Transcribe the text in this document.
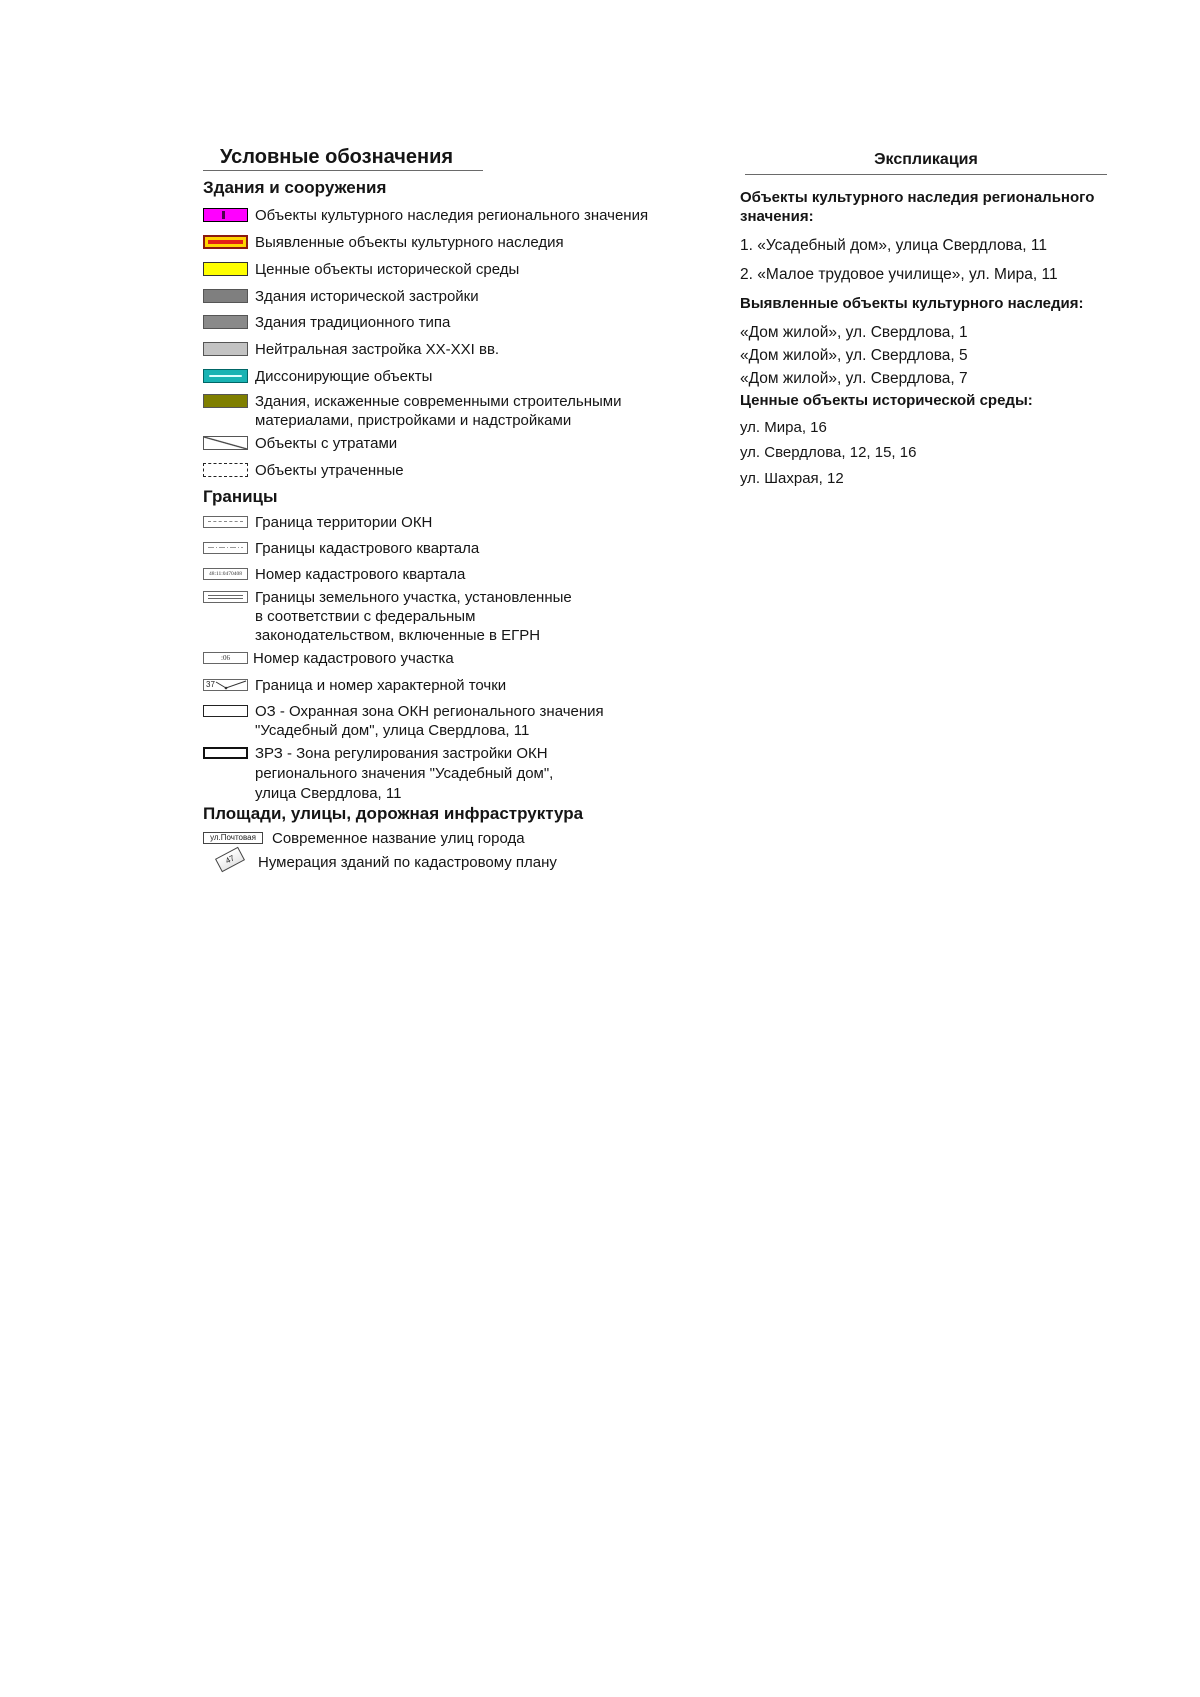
Условные обозначения
Здания и сооружения
Объекты культурного наследия регионального значения
Выявленные объекты культурного наследия
Ценные объекты исторической среды
Здания исторической застройки
Здания традиционного типа
Нейтральная застройка XX-XXI вв.
Диссонирующие объекты
Здания, искаженные современными строительными
материалами, пристройками и надстройками
Объекты с утратами
Объекты утраченные
Границы
Граница территории ОКН
Границы кадастрового квартала
48:11:0470408 Номер кадастрового квартала
Границы земельного участка, установленные
в соответствии с федеральным
законодательством, включенные в ЕГРН
:06	Номер кадастрового участка
37	Граница и номер характерной точки
ОЗ - Охранная зона ОКН регионального значения
"Усадебный дом", улица Свердлова, 11
ЗРЗ - Зона регулирования застройки ОКН
регионального значения "Усадебный дом",
улица Свердлова, 11
Площади, улицы, дорожная инфраструктура
ул.Почтовая	Современное название улиц города
47	Нумерация зданий по кадастровому плану
Экспликация
Объекты культурного наследия регионального
значения:
1. «Усадебный дом», улица Свердлова, 11
2. «Малое трудовое училище», ул. Мира, 11
Выявленные объекты культурного наследия:
«Дом жилой», ул. Свердлова, 1
«Дом жилой», ул. Свердлова, 5
«Дом жилой», ул. Свердлова, 7
Ценные объекты исторической среды:
ул. Мира, 16
ул. Свердлова, 12, 15, 16
ул. Шахрая, 12
